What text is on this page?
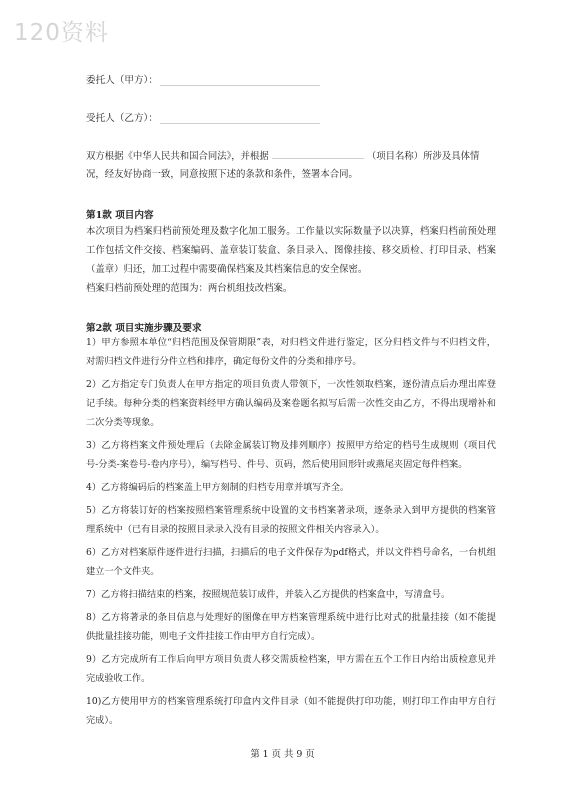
120资料
委托人（甲方）：
受托人（乙方）：
双方根据《中华人民共和国合同法》，并根据	（项目名称）所涉及具体情况，经友好协商一致，同意按照下述的条款和条件，签署本合同。
第1款 项目内容

本次项目为档案归档前预处理及数字化加工服务。工作量以实际数量予以决算，档案归档前预处理工作包括文件交接、档案编码、盖章装订装盒、条目录入、图像挂接、移交质检、打印目录、档案（盖章）归还，加工过程中需要确保档案及其档案信息的安全保密。

档案归档前预处理的范围为：两台机组技改档案。

第2款 项目实施步骤及要求

1）甲方参照本单位“归档范围及保管期限”表，对归档文件进行鉴定，区分归档文件与不归档文件，对需归档文件进行分件立档和排序，确定每份文件的分类和排序号。

2）乙方指定专门负责人在甲方指定的项目负责人带领下，一次性领取档案，逐份清点后办理出库登记手续。每种分类的档案资料经甲方确认编码及案卷题名拟写后需一次性交由乙方，不得出现增补和二次分类等现象。

3）乙方将档案文件预处理后（去除金属装订物及排列顺序）按照甲方给定的档号生成规则（项目代号-分类-案卷号-卷内序号），编写档号、件号、页码，然后使用回形针或燕尾夹固定每件档案。

4）乙方将编码后的档案盖上甲方刻制的归档专用章并填写齐全。

5）乙方将装订好的档案按照档案管理系统中设置的文书档案著录项，逐条录入到甲方提供的档案管理系统中（已有目录的按照目录录入没有目录的按照文件相关内容录入）。

6）乙方对档案原件逐件进行扫描，扫描后的电子文件保存为pdf格式，并以文件档号命名，一台机组建立一个文件夹。

7）乙方将扫描结束的档案，按照规范装订成件，并装入乙方提供的档案盒中，写清盒号。

8）乙方将著录的条目信息与处理好的图像在甲方档案管理系统中进行比对式的批量挂接（如不能提供批量挂接功能，则电子文件挂接工作由甲方自行完成）。

9）乙方完成所有工作后向甲方项目负责人移交需质检档案，甲方需在五个工作日内给出质检意见并完成验收工作。

10)乙方使用甲方的档案管理系统打印盒内文件目录（如不能提供打印功能，则打印工作由甲方自行完成）。

第 1 页 共 9 页
